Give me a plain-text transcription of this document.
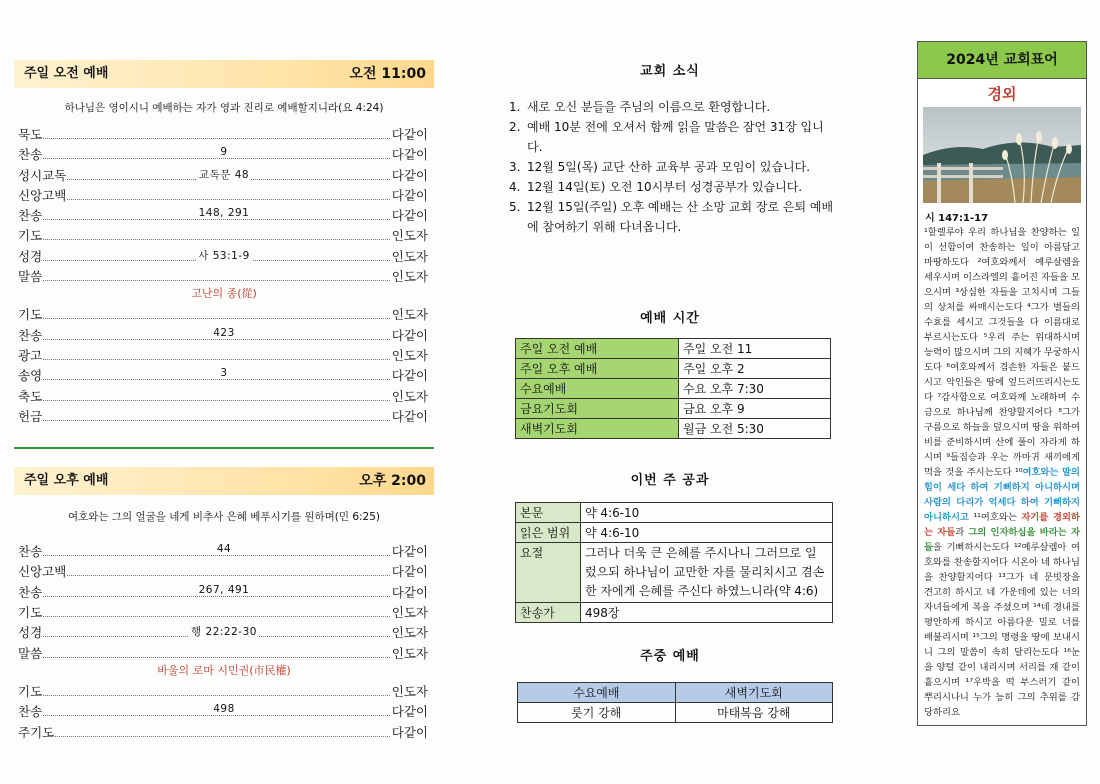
주일 오전 예배	오전 11:00
하나님은 영이시니 예배하는 자가 영과 진리로 예배할지니라(요 4:24)
묵도	다같이
찬송	9	다같이
성시교독	교독문 48	다같이
신앙고백	다같이
찬송	148, 291	다같이
기도	인도자
성경	사 53:1-9	인도자
말씀	인도자
고난의 종(從)
기도	인도자
찬송	423	다같이
광고	인도자
송영	3	다같이
축도	인도자
헌금	다같이
주일 오후 예배	오후 2:00
여호와는 그의 얼굴을 네게 비추사 은혜 베푸시기를 원하며(민 6:25)
찬송	44	다같이
신앙고백	다같이
찬송	267, 491	다같이
기도	인도자
성경	행 22:22-30	인도자
말씀	인도자
바울의 로마 시민권(市民權)
기도	인도자
찬송	498	다같이
주기도	다같이
교회 소식
1. 새로 오신 분들을 주님의 이름으로 환영합니다.
2. 예배 10분 전에 오셔서 함께 읽을 말씀은 잠언 31장 입니다.
3. 12월 5일(목) 교단 산하 교육부 공과 모임이 있습니다.
4. 12월 14일(토) 오전 10시부터 성경공부가 있습니다.
5. 12월 15일(주일) 오후 예배는 산 소망 교회 장로 은퇴 예배에 참여하기 위해 다녀옵니다.
예배 시간
주일 오전 예배	주일 오전 11
주일 오후 예배	주일 오후 2
수요예배	수요 오후 7:30
금요기도회	금요 오후 9
새벽기도회	월금 오전 5:30
이번 주 공과
본문	약 4:6-10
읽은 범위	약 4:6-10
요절	그러나 더욱 큰 은혜를 주시나니 그러므로 일렀으되 하나님이 교만한 자를 물리치시고 겸손한 자에게 은혜를 주신다 하였느니라(약 4:6)
찬송가	498장
주중 예배
수요예배	새벽기도회
룻기 강해	마태복음 강해
2024년 교회표어
경외
시 147:1-17

¹할렐루야 우리 하나님을 찬양하는 일이 선함이여 찬송하는 일이 아름답고 마땅하도다 ²여호와께서 예루살렘을 세우시며 이스라엘의 흩어진 자들을 모으시며 ³상심한 자들을 고치시며 그들의 상처를 싸매시는도다 ⁴그가 별들의 수효를 세시고 그것들을 다 이름대로 부르시는도다 ⁵우리 주는 위대하시며 능력이 많으시며 그의 지혜가 무궁하시도다 ⁶여호와께서 겸손한 자들은 붙드시고 악인들은 땅에 엎드러뜨리시는도다 ⁷감사함으로 여호와께 노래하며 수금으로 하나님께 찬양할지어다 ⁸그가 구름으로 하늘을 덮으시며 땅을 위하여 비를 준비하시며 산에 풀이 자라게 하시며 ⁹들짐승과 우는 까마귀 새끼에게 먹을 것을 주시는도다 ¹⁰여호와는 말의 힘이 세다 하여 기뻐하지 아니하시며 사람의 다리가 억세다 하여 기뻐하지 아니하시고 ¹¹여호와는 자기를 경외하는 자들과 그의 인자하심을 바라는 자들을 기뻐하시는도다 ¹²예루살렘아 여호와를 찬송할지어다 시온아 네 하나님을 찬양할지어다 ¹³그가 네 문빗장을 견고히 하시고 네 가운데에 있는 너의 자녀들에게 복을 주셨으며 ¹⁴네 경내를 평안하게 하시고 아름다운 밀로 너를 배불리시며 ¹⁵그의 명령을 땅에 보내시니 그의 말씀이 속히 달리는도다 ¹⁶눈을 양털 같이 내리시며 서리를 재 같이 흩으시며 ¹⁷우박을 떡 부스러기 같이 뿌리시나니 누가 능히 그의 추위를 감당하리요
